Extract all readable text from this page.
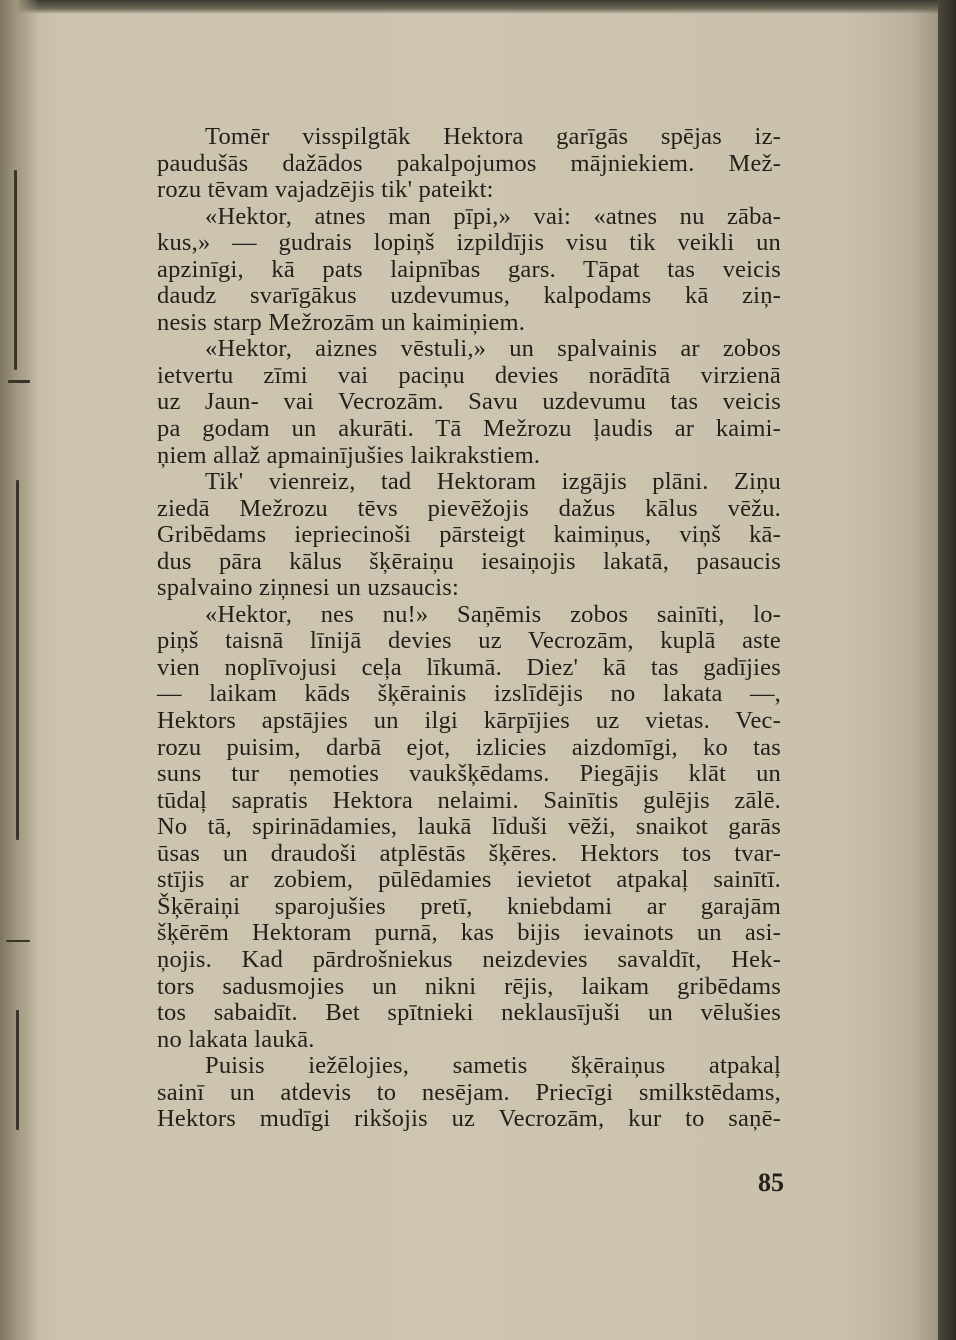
Tomēr visspilgtāk Hektora garīgās spējas iz-
paudušās dažādos pakalpojumos mājniekiem. Mež-
rozu tēvam vajadzējis tik' pateikt:
«Hektor, atnes man pīpi,» vai: «atnes nu zāba-
kus,» — gudrais lopiņš izpildījis visu tik veikli un
apzinīgi, kā pats laipnības gars. Tāpat tas veicis
daudz svarīgākus uzdevumus, kalpodams kā ziņ-
nesis starp Mežrozām un kaimiņiem.
«Hektor, aiznes vēstuli,» un spalvainis ar zobos
ietvertu zīmi vai paciņu devies norādītā virzienā
uz Jaun- vai Vecrozām. Savu uzdevumu tas veicis
pa godam un akurāti. Tā Mežrozu ļaudis ar kaimi-
ņiem allaž apmainījušies laikrakstiem.
Tik' vienreiz, tad Hektoram izgājis plāni. Ziņu
ziedā Mežrozu tēvs pievēžojis dažus kālus vēžu.
Gribēdams iepriecinoši pārsteigt kaimiņus, viņš kā-
dus pāra kālus šķēraiņu iesaiņojis lakatā, pasaucis
spalvaino ziņnesi un uzsaucis:
«Hektor, nes nu!» Saņēmis zobos sainīti, lo-
piņš taisnā līnijā devies uz Vecrozām, kuplā aste
vien noplīvojusi ceļa līkumā. Diez' kā tas gadījies
— laikam kāds šķērainis izslīdējis no lakata —,
Hektors apstājies un ilgi kārpījies uz vietas. Vec-
rozu puisim, darbā ejot, izlicies aizdomīgi, ko tas
suns tur ņemoties vaukšķēdams. Piegājis klāt un
tūdaļ sapratis Hektora nelaimi. Sainītis gulējis zālē.
No tā, spirinādamies, laukā līduši vēži, snaikot garās
ūsas un draudoši atplēstās šķēres. Hektors tos tvar-
stījis ar zobiem, pūlēdamies ievietot atpakaļ sainītī.
Šķēraiņi sparojušies pretī, kniebdami ar garajām
šķērēm Hektoram purnā, kas bijis ievainots un asi-
ņojis. Kad pārdrošniekus neizdevies savaldīt, Hek-
tors sadusmojies un nikni rējis, laikam gribēdams
tos sabaidīt. Bet spītnieki neklausījuši un vēlušies
no lakata laukā.
Puisis iežēlojies, sametis šķēraiņus atpakaļ
sainī un atdevis to nesējam. Priecīgi smilkstēdams,
Hektors mudīgi rikšojis uz Vecrozām, kur to saņē-
85
